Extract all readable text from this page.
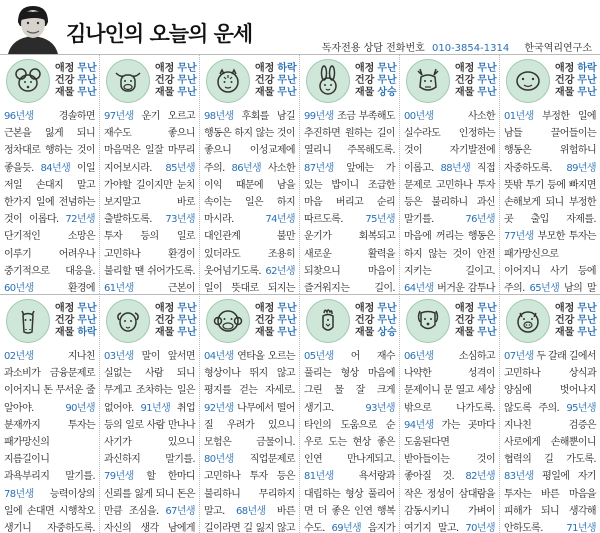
김나인의 오늘의 운세
독자전용 상담 전화번호 010-3854-1314 한국역리연구소
애정 무난
건강 무난
재물 무난
96년생 경솔하면 근본을 잃게 되니 정차대로 행하는 것이 좋을듯. 84년생 이일 저일 손대지 말고 한가지 일에 전념하는 것이 이롭다. 72년생 단기적인 소망은 이루기 어려우나 중기적으로 대응을. 60년생	환경에
애정 무난
건강 무난
재물 무난
97년생 운기 오르고 재수도 좋으니 마음먹은 일잘 마무리 지어보시라. 85년생 가야할 길이지만 눈치 보지말고 바로 출발하도록. 73년생 투자 등의 일로 고민하나 환경이 불리할 땐 쉬어가도록. 61년생	근본이
애정 하락
건강 무난
재물 무난
98년생 후회를 남길 행동은 하지 않는 것이 좋으니 이성교제에 주의. 86년생 사소한 이익 때문에 남을 속이는 일은 하지 마시라. 74년생 대인관계 불만 있더라도 조용히 웃어넘기도록. 62년생 일이 뜻대로 되지는
애정 무난
건강 무난
재물 상승
99년생 조금 부족해도 추진하면 원하는 길이 열리니 주목해도록. 87년생 앞에는 가 있는 밥이니 조급한 마음 버리고 순리 따르도록. 75년생 운기가 회복되고 새로운 활력을 되찾으니 마음이 즐거워지는 길이.
애정 무난
건강 무난
재물 무난
00년생 사소한 실수라도 인정하는 것이 자기발전에 이롭고. 88년생 직접 문제로 고민하나 투자 등은 불리하니 과신 말기를. 76년생 마음에 꺼리는 행동은 하지 않는 것이 안전 지키는 길이고. 64년생 버거운 감투나
애정 하락
건강 무난
재물 무난
01년생 부정한 일에 남들 끌어들이는 행동은 위험하니 자중하도록. 89년생 뜻밖 투기 등에 빠지면 손해보게 되니 부정한 곳 출입 자제를. 77년생 부모한 투자는 패가망신으로 이어지니 사기 등에 주의. 65년생 남의 말
애정 무난
건강 무난
재물 하락
02년생 지나친 과소비가 금융문제로 이어지니 돈 무서운 줄 알아야. 90년생 분재까지 투자는 패가망신의 지름길이니 과욕부리지 말기를. 78년생 능력이상의 일에 손대면 시행착오 생기니 자중하도록.
애정 무난
건강 무난
재물 무난
03년생 말이 앞서면 실없는 사람 되니 무게고 조차하는 일은 없어야. 91년생 취업 등의 일로 사람 만나나 사기가 있으니 과신하지 말기를. 79년생 할 한마디 신뢰를 잃게 되니 돈은 만큼 조심을. 67년생 자신의 생각 남에게
애정 무난
건강 무난
재물 무난
04년생 연타올 오르는 형상이나 뛰지 않고 평지를 걷는 자세로. 92년생 나무에서 떨어 질 우려가 있으니 모험은 금물이니. 80년생 직업문제로 고민하나 투자 등은 불리하니 무리하지 말고. 68년생 바른 길이라면 길 잃지 않고
애정 무난
건강 무난
재물 상승
05년생 어 재수 풀리는 형상 마음에 그린 물 잘 크게 생기고. 93년생 타인의 도움으로 순 우로 도는 현상 좋은 인연 만나게되고. 81년생 욕서랑과 대립하는 형상 풀리어 면 더 좋은 인연 행복 수도. 69년생 음지가
애정 무난
건강 무난
재물 무난
06년생 소심하고 나약한 성격이 문제이니 문 열고 세상 밖으로 나가도록. 94년생 가는 곳마다 도움된다면 받아들이는 것이 좋아질 것. 82년생 작은 정성이 삼대람을 감동시키니 가벼이 여기지 말고. 70년생
애정 무난
건강 무난
재물 무난
07년생 두 갈래 길에서 고민하나 상식과 양심에 벗어나지 않도록 주의. 95년생 지나친 검증은 사로에게 손해뿐이니 협력의 길 가도록. 83년생 평일에 자기 투자는 바른 마음을 피해가 되니 생각해 안하도록. 71년생
